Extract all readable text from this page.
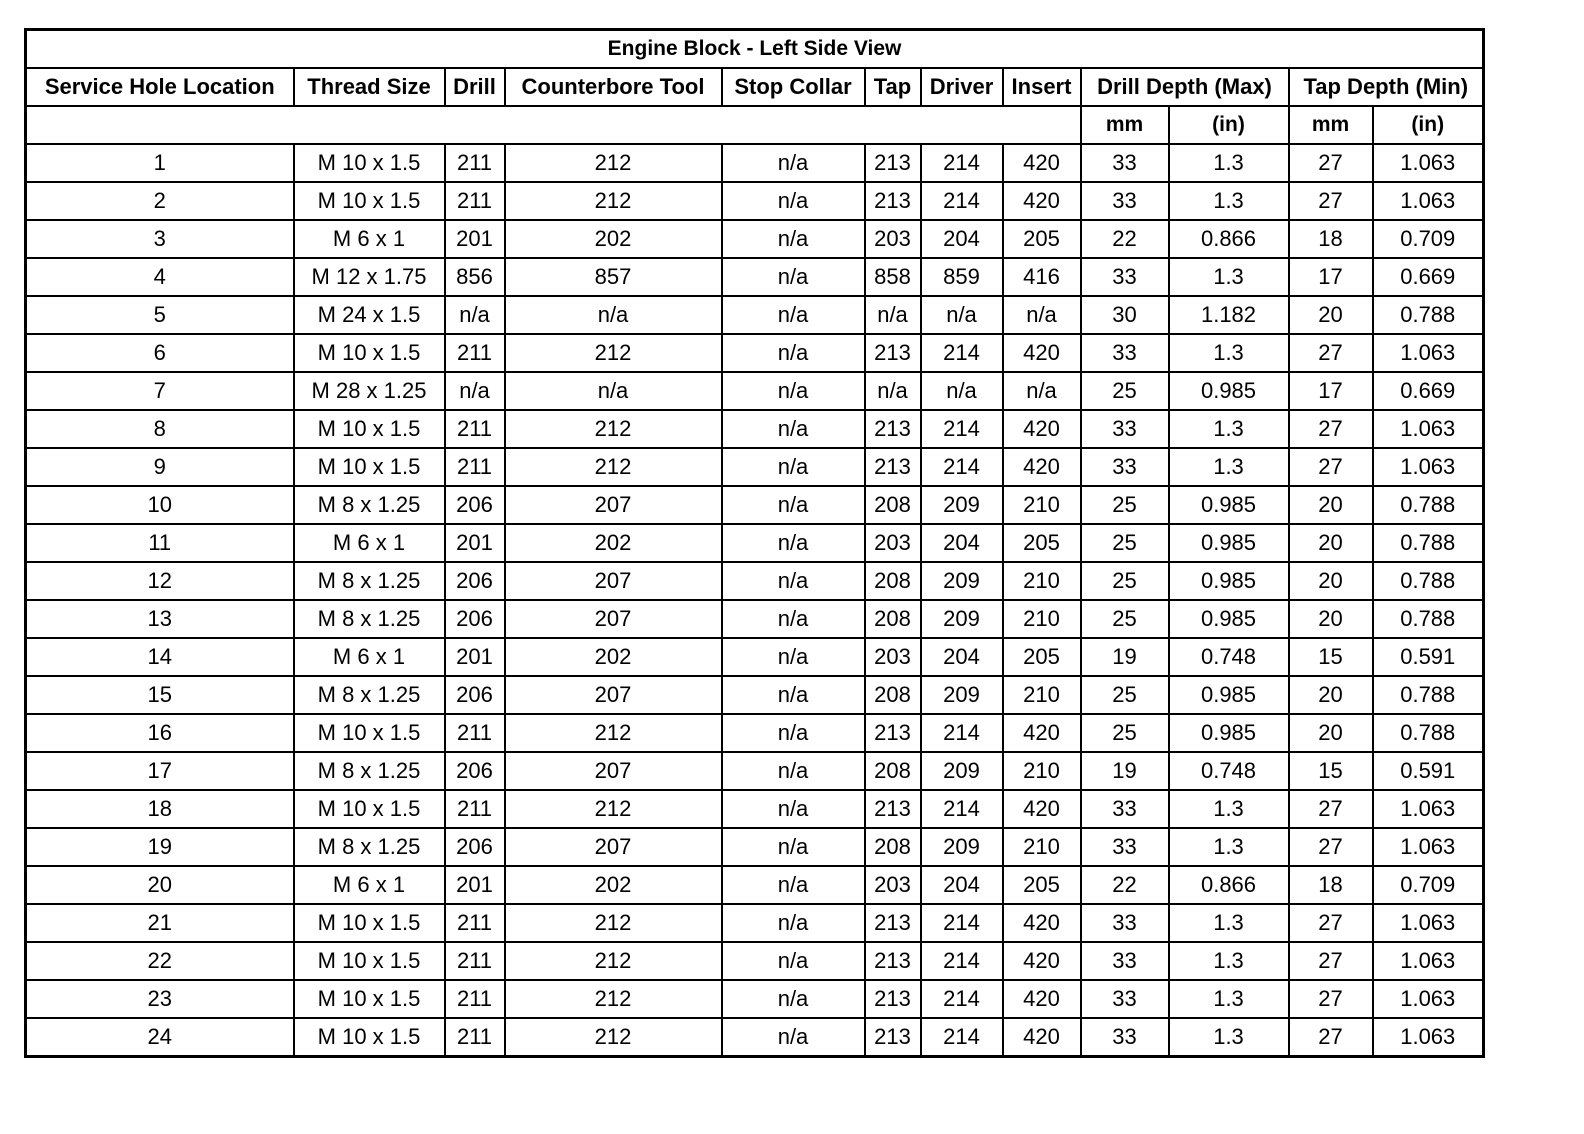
Engine Block - Left Side View											
Service Hole Location	Thread Size	Drill	Counterbore Tool	Stop Collar	Tap	Driver	Insert	Drill Depth (Max)		Tap Depth (Min)	
								mm	(in)	mm	(in)
1	M 10 x 1.5	211	212	n/a	213	214	420	33	1.3	27	1.063
2	M 10 x 1.5	211	212	n/a	213	214	420	33	1.3	27	1.063
3	M 6 x 1	201	202	n/a	203	204	205	22	0.866	18	0.709
4	M 12 x 1.75	856	857	n/a	858	859	416	33	1.3	17	0.669
5	M 24 x 1.5	n/a	n/a	n/a	n/a	n/a	n/a	30	1.182	20	0.788
6	M 10 x 1.5	211	212	n/a	213	214	420	33	1.3	27	1.063
7	M 28 x 1.25	n/a	n/a	n/a	n/a	n/a	n/a	25	0.985	17	0.669
8	M 10 x 1.5	211	212	n/a	213	214	420	33	1.3	27	1.063
9	M 10 x 1.5	211	212	n/a	213	214	420	33	1.3	27	1.063
10	M 8 x 1.25	206	207	n/a	208	209	210	25	0.985	20	0.788
11	M 6 x 1	201	202	n/a	203	204	205	25	0.985	20	0.788
12	M 8 x 1.25	206	207	n/a	208	209	210	25	0.985	20	0.788
13	M 8 x 1.25	206	207	n/a	208	209	210	25	0.985	20	0.788
14	M 6 x 1	201	202	n/a	203	204	205	19	0.748	15	0.591
15	M 8 x 1.25	206	207	n/a	208	209	210	25	0.985	20	0.788
16	M 10 x 1.5	211	212	n/a	213	214	420	25	0.985	20	0.788
17	M 8 x 1.25	206	207	n/a	208	209	210	19	0.748	15	0.591
18	M 10 x 1.5	211	212	n/a	213	214	420	33	1.3	27	1.063
19	M 8 x 1.25	206	207	n/a	208	209	210	33	1.3	27	1.063
20	M 6 x 1	201	202	n/a	203	204	205	22	0.866	18	0.709
21	M 10 x 1.5	211	212	n/a	213	214	420	33	1.3	27	1.063
22	M 10 x 1.5	211	212	n/a	213	214	420	33	1.3	27	1.063
23	M 10 x 1.5	211	212	n/a	213	214	420	33	1.3	27	1.063
24	M 10 x 1.5	211	212	n/a	213	214	420	33	1.3	27	1.063
